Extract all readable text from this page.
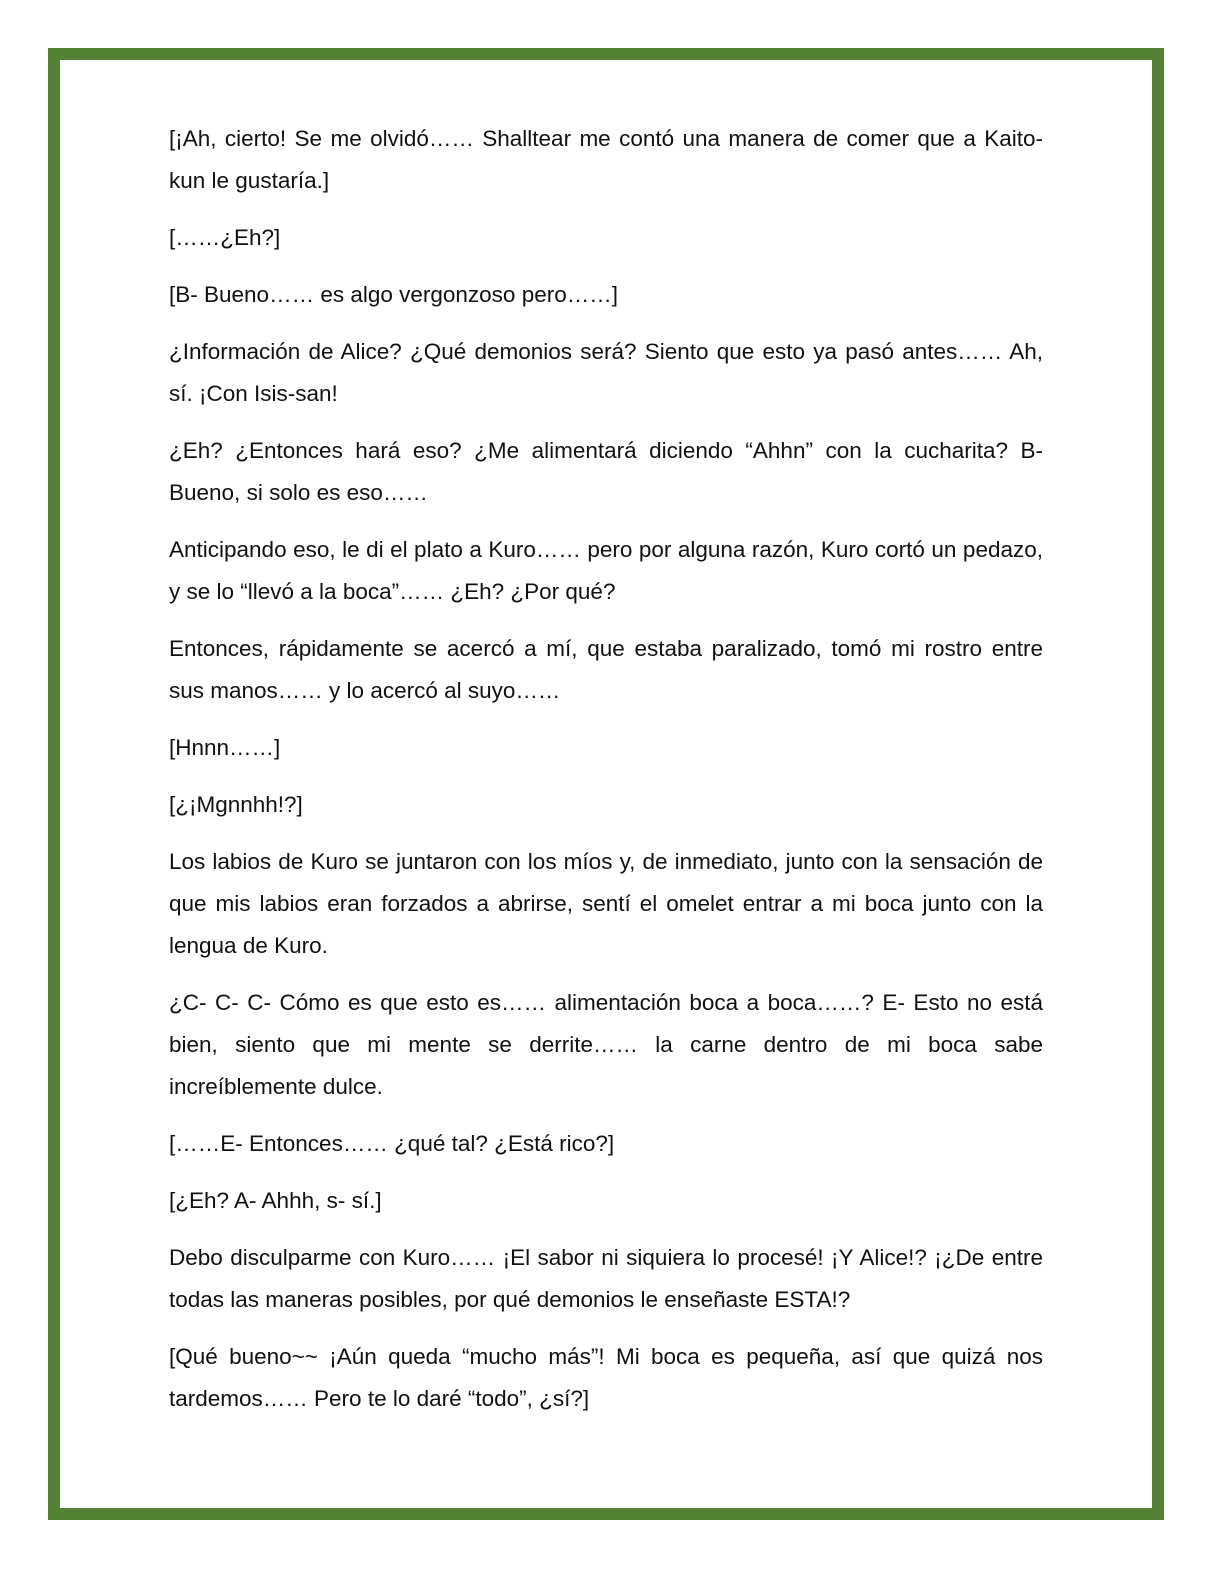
[¡Ah, cierto! Se me olvidó…… Shalltear me contó una manera de comer que a Kaito-kun le gustaría.]

[……¿Eh?]

[B- Bueno…… es algo vergonzoso pero……]

¿Información de Alice? ¿Qué demonios será? Siento que esto ya pasó antes…… Ah, sí. ¡Con Isis-san!

¿Eh? ¿Entonces hará eso? ¿Me alimentará diciendo “Ahhn” con la cucharita? B- Bueno, si solo es eso……

Anticipando eso, le di el plato a Kuro…… pero por alguna razón, Kuro cortó un pedazo, y se lo “llevó a la boca”…… ¿Eh? ¿Por qué?

Entonces, rápidamente se acercó a mí, que estaba paralizado, tomó mi rostro entre sus manos…… y lo acercó al suyo……

[Hnnn……]

[¿¡Mgnnhh!?]

Los labios de Kuro se juntaron con los míos y, de inmediato, junto con la sensación de que mis labios eran forzados a abrirse, sentí el omelet entrar a mi boca junto con la lengua de Kuro.

¿C- C- C- Cómo es que esto es…… alimentación boca a boca……? E- Esto no está bien, siento que mi mente se derrite…… la carne dentro de mi boca sabe increíblemente dulce.

[……E- Entonces…… ¿qué tal? ¿Está rico?]

[¿Eh? A- Ahhh, s- sí.]

Debo disculparme con Kuro…… ¡El sabor ni siquiera lo procesé! ¡Y Alice!? ¡¿De entre todas las maneras posibles, por qué demonios le enseñaste ESTA!?

[Qué bueno~~ ¡Aún queda “mucho más”! Mi boca es pequeña, así que quizá nos tardemos…… Pero te lo daré “todo”, ¿sí?]
